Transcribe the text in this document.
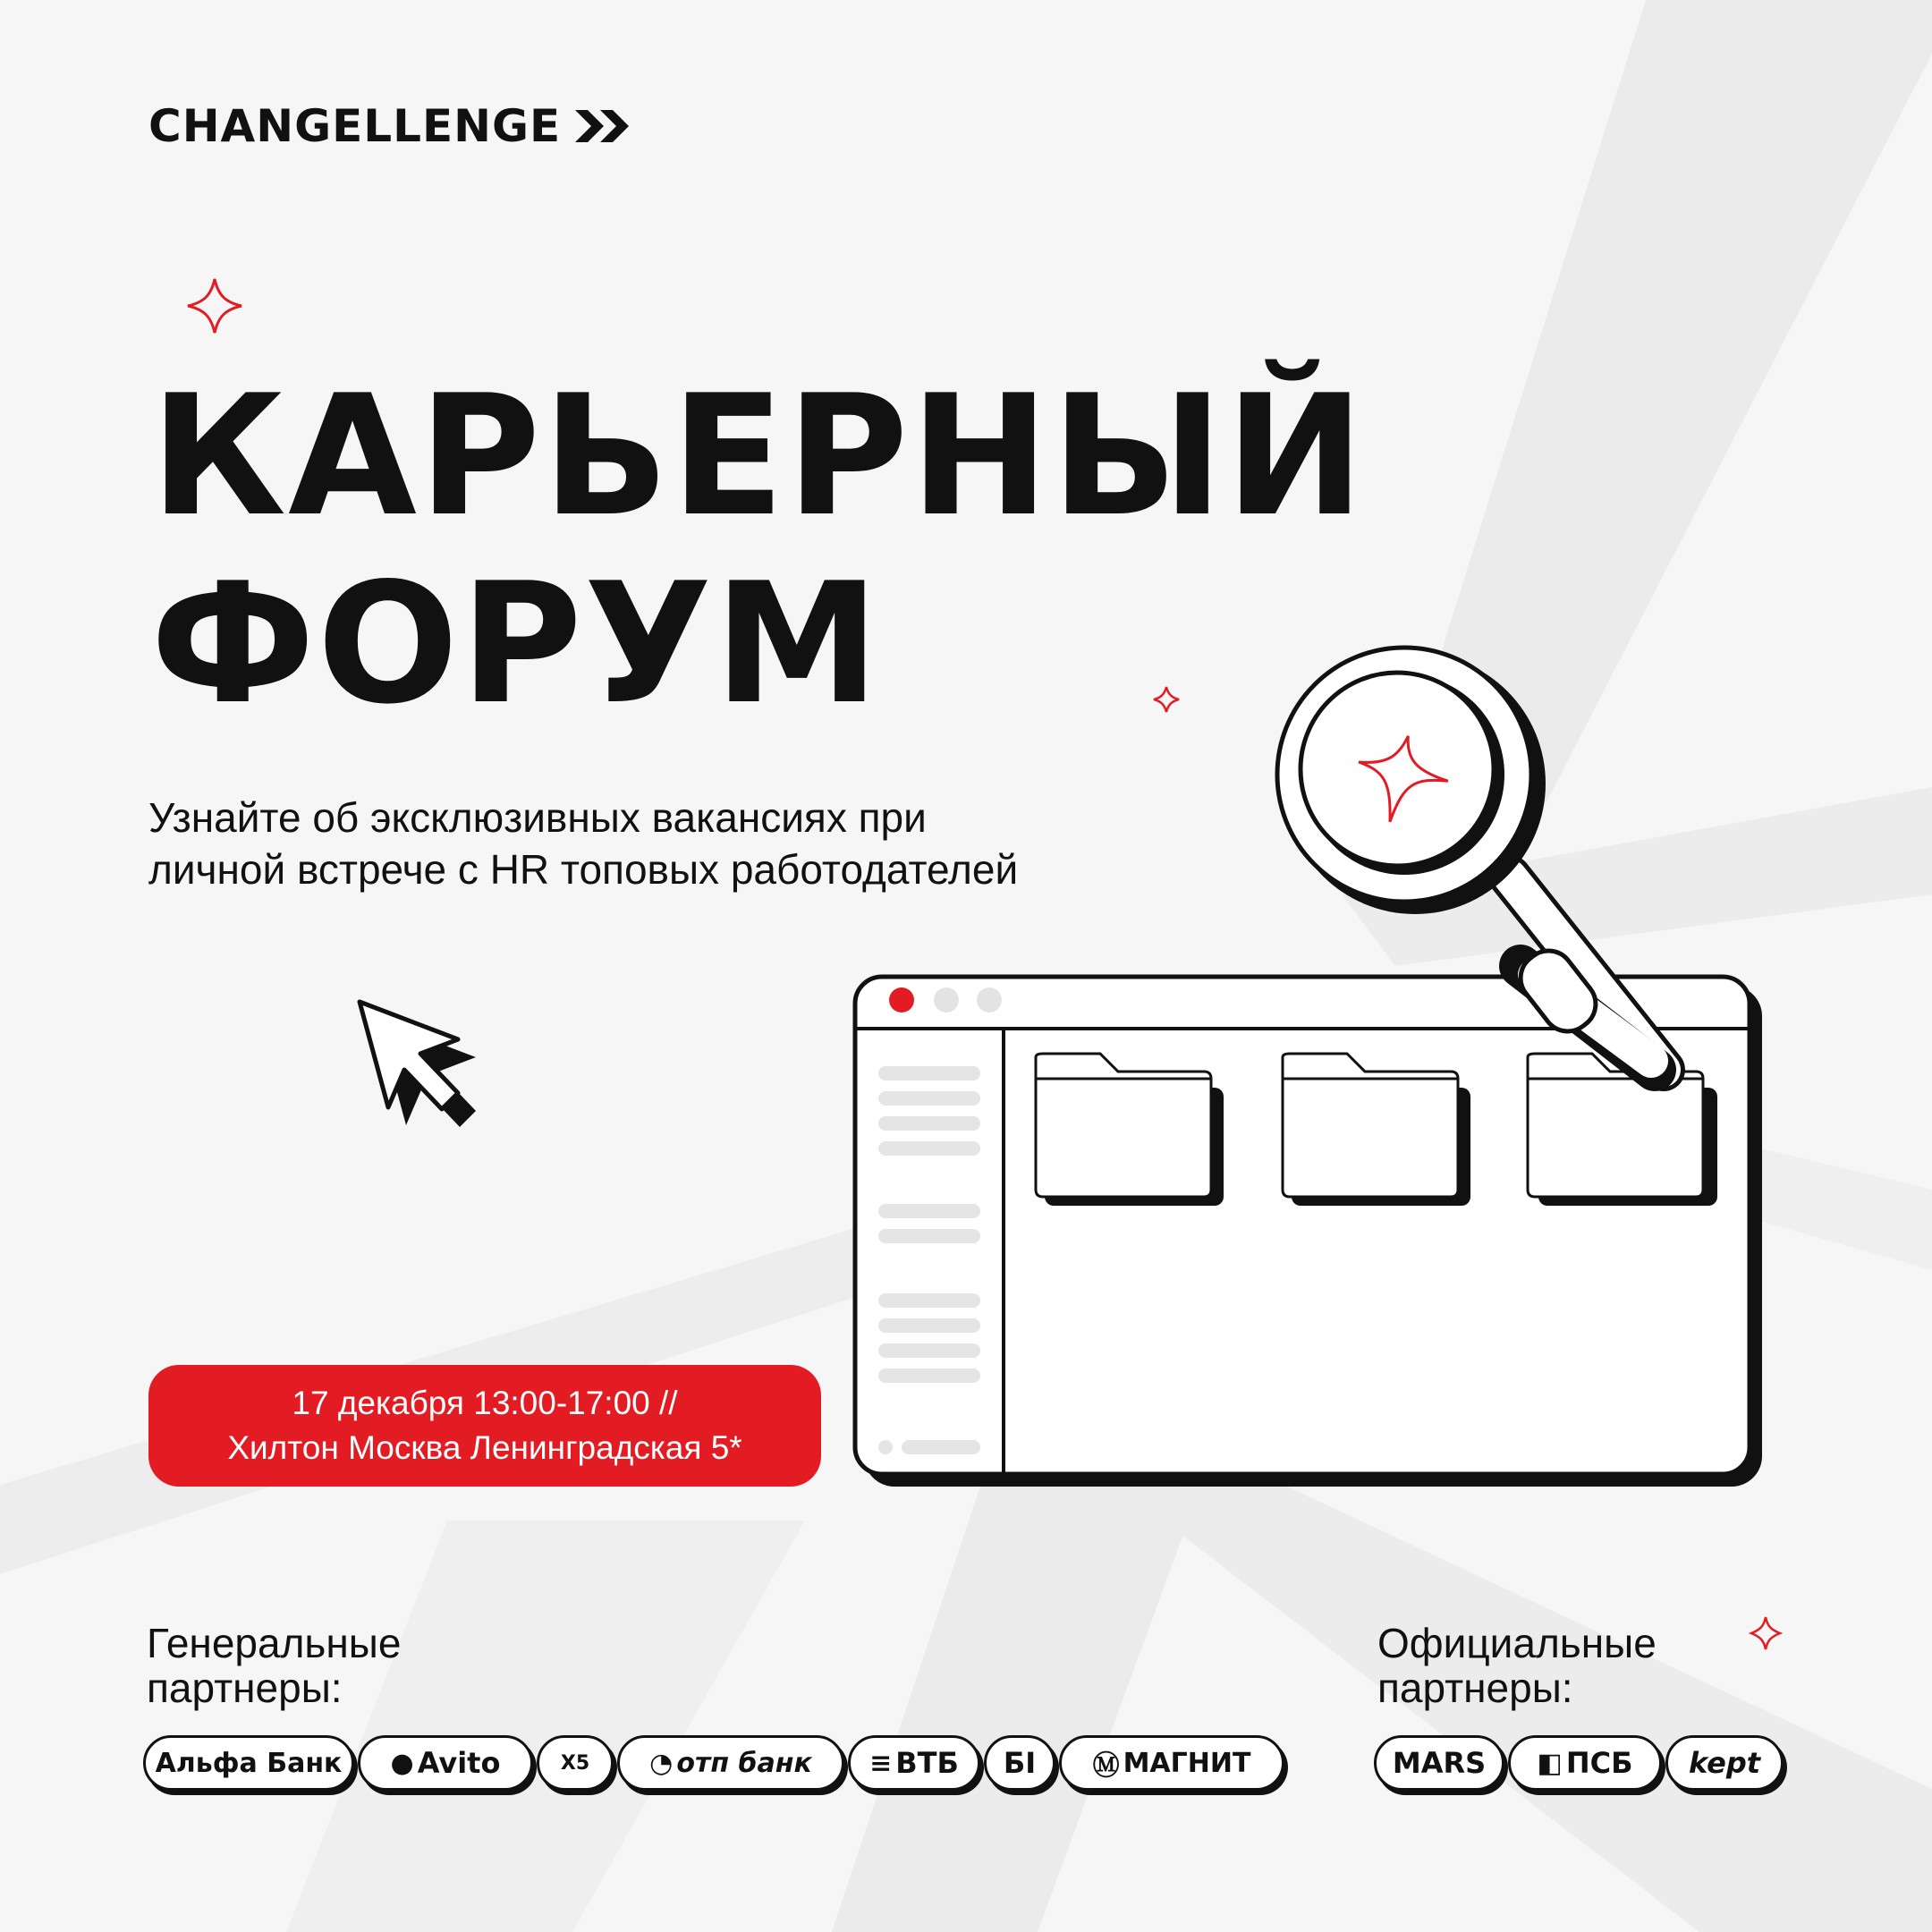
CHANGELLENGE
КАРЬЕРНЫЙ
ФОРУМ

Узнайте об эксклюзивных вакансиях при
личной встрече с HR топовых работодателей

17 декабря 13:00-17:00 //
Хилтон Москва Ленинградская 5*

Генеральные
партнеры:

Официальные
партнеры:

Альфа Банк ● Avito	X5 ◔ отп банк ≡ ВТБ БI Ⓜ МАГНИТ	MARS ◧ ПСБ kept
